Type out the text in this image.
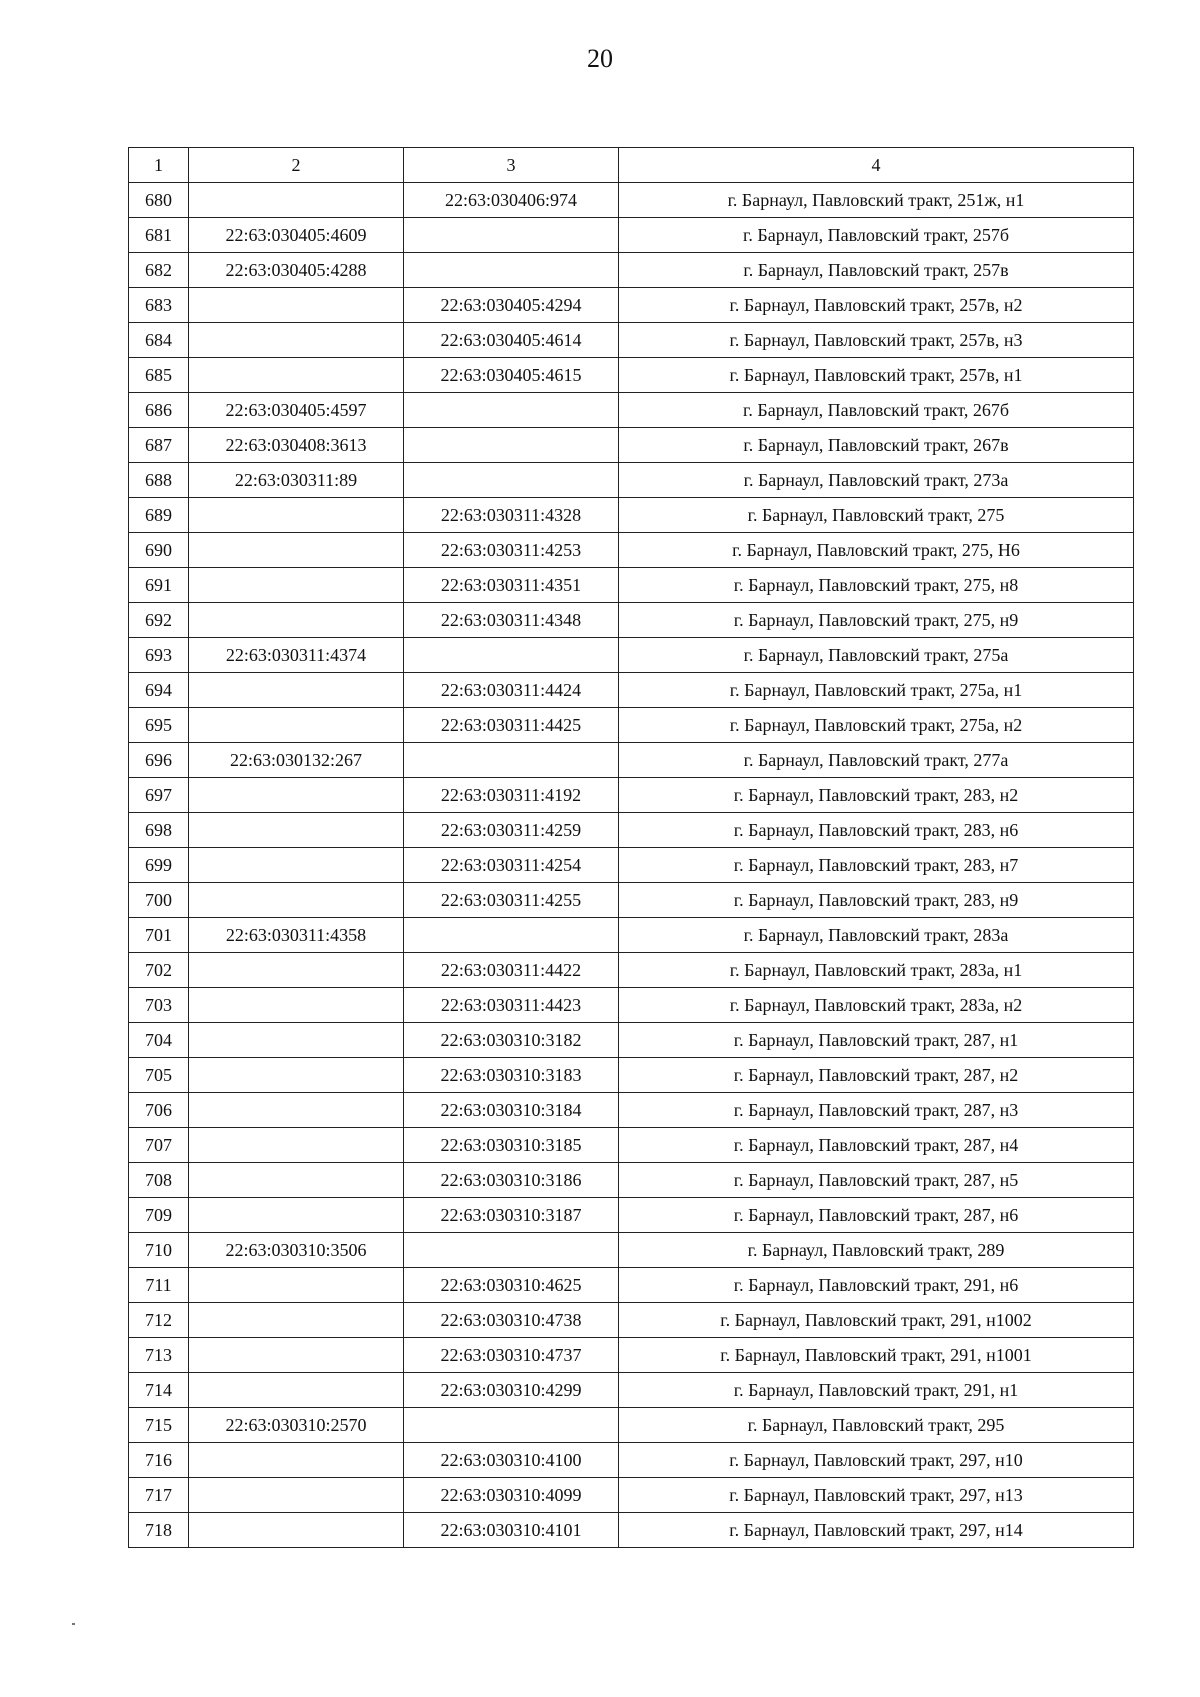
20
1	2	3	4
680		22:63:030406:974	г. Барнаул, Павловский тракт, 251ж, н1
681	22:63:030405:4609		г. Барнаул, Павловский тракт, 257б
682	22:63:030405:4288		г. Барнаул, Павловский тракт, 257в
683		22:63:030405:4294	г. Барнаул, Павловский тракт, 257в, н2
684		22:63:030405:4614	г. Барнаул, Павловский тракт, 257в, н3
685		22:63:030405:4615	г. Барнаул, Павловский тракт, 257в, н1
686	22:63:030405:4597		г. Барнаул, Павловский тракт, 267б
687	22:63:030408:3613		г. Барнаул, Павловский тракт, 267в
688	22:63:030311:89		г. Барнаул, Павловский тракт, 273а
689		22:63:030311:4328	г. Барнаул, Павловский тракт, 275
690		22:63:030311:4253	г. Барнаул, Павловский тракт, 275, Н6
691		22:63:030311:4351	г. Барнаул, Павловский тракт, 275, н8
692		22:63:030311:4348	г. Барнаул, Павловский тракт, 275, н9
693	22:63:030311:4374		г. Барнаул, Павловский тракт, 275а
694		22:63:030311:4424	г. Барнаул, Павловский тракт, 275а, н1
695		22:63:030311:4425	г. Барнаул, Павловский тракт, 275а, н2
696	22:63:030132:267		г. Барнаул, Павловский тракт, 277а
697		22:63:030311:4192	г. Барнаул, Павловский тракт, 283, н2
698		22:63:030311:4259	г. Барнаул, Павловский тракт, 283, н6
699		22:63:030311:4254	г. Барнаул, Павловский тракт, 283, н7
700		22:63:030311:4255	г. Барнаул, Павловский тракт, 283, н9
701	22:63:030311:4358		г. Барнаул, Павловский тракт, 283а
702		22:63:030311:4422	г. Барнаул, Павловский тракт, 283а, н1
703		22:63:030311:4423	г. Барнаул, Павловский тракт, 283а, н2
704		22:63:030310:3182	г. Барнаул, Павловский тракт, 287, н1
705		22:63:030310:3183	г. Барнаул, Павловский тракт, 287, н2
706		22:63:030310:3184	г. Барнаул, Павловский тракт, 287, н3
707		22:63:030310:3185	г. Барнаул, Павловский тракт, 287, н4
708		22:63:030310:3186	г. Барнаул, Павловский тракт, 287, н5
709		22:63:030310:3187	г. Барнаул, Павловский тракт, 287, н6
710	22:63:030310:3506		г. Барнаул, Павловский тракт, 289
711		22:63:030310:4625	г. Барнаул, Павловский тракт, 291, н6
712		22:63:030310:4738	г. Барнаул, Павловский тракт, 291, н1002
713		22:63:030310:4737	г. Барнаул, Павловский тракт, 291, н1001
714		22:63:030310:4299	г. Барнаул, Павловский тракт, 291, н1
715	22:63:030310:2570		г. Барнаул, Павловский тракт, 295
716		22:63:030310:4100	г. Барнаул, Павловский тракт, 297, н10
717		22:63:030310:4099	г. Барнаул, Павловский тракт, 297, н13
718		22:63:030310:4101	г. Барнаул, Павловский тракт, 297, н14
